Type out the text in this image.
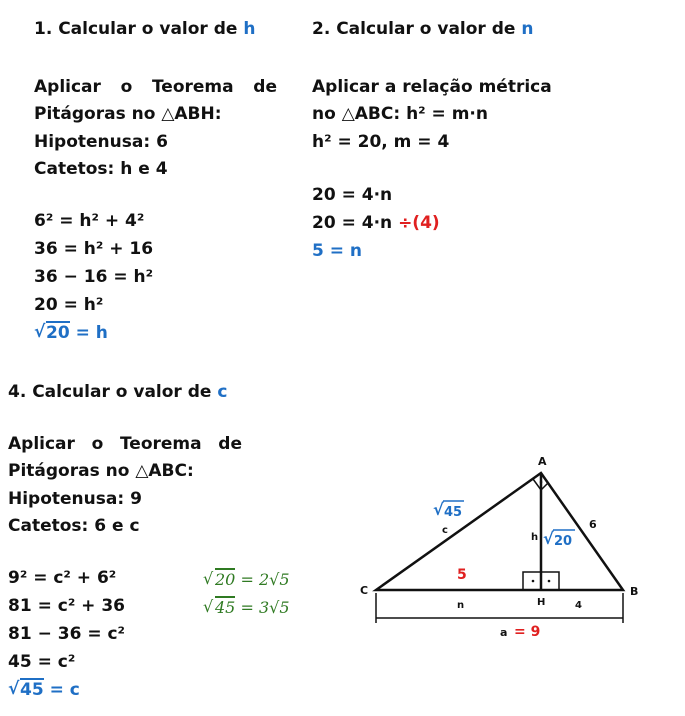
1. Calcular o valor de h
Aplicar o Teorema de
Pitágoras no △ABH:
Hipotenusa: 6
Catetos: h e 4
6² = h² + 4²
36 = h² + 16
36 − 16 = h²
20 = h²
√ 20 = h
2. Calcular o valor de n
Aplicar a relação métrica
no △ABC: h² = m·n
h² = 20, m = 4
20 = 4·n
20 = 4·n ÷(4)
5 = n
4. Calcular o valor de c
Aplicar o Teorema de
Pitágoras no △ABC:
Hipotenusa: 9
Catetos: 6 e c
9² = c² + 6²
81 = c² + 36
81 − 36 = c²
45 = c²
√ 45 = c
√ 20 = 2√5
√ 45 = 3√5
A
B
C
H
√ 45
c
h √ 20
6
5
n	4
a = 9
